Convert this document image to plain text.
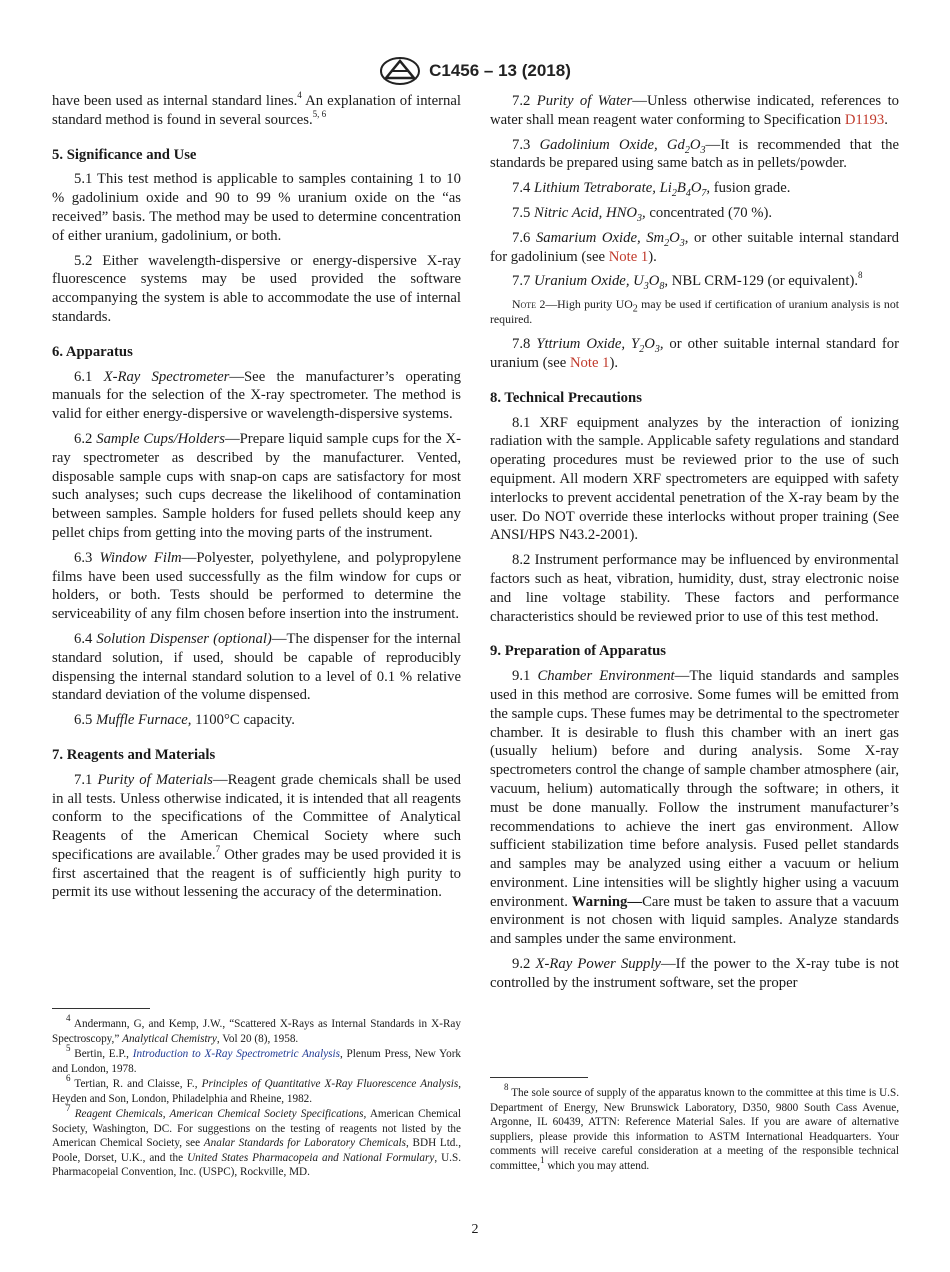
C1456 – 13 (2018)

have been used as internal standard lines.$^4$ An explanation of internal standard method is found in several sources.$^{5, 6}$

5. Significance and Use

5.1 This test method is applicable to samples containing 1 to 10 % gadolinium oxide and 90 to 99 % uranium oxide on the “as received” basis. The method may be used to determine concentration of either uranium, gadolinium, or both.

5.2 Either wavelength-dispersive or energy-dispersive X-ray fluorescence systems may be used provided the software accompanying the system is able to accommodate the use of internal standards.

6. Apparatus

6.1 X-Ray Spectrometer—See the manufacturer’s operating manuals for the selection of the X-ray spectrometer. The method is valid for either energy-dispersive or wavelength-dispersive systems.

6.2 Sample Cups/Holders—Prepare liquid sample cups for the X-ray spectrometer as described by the manufacturer. Vented, disposable sample cups with snap-on caps are satisfactory for most such analyses; such cups decrease the likelihood of contamination between samples. Sample holders for fused pellets should keep any pellet chips from getting into the moving parts of the instrument.

6.3 Window Film—Polyester, polyethylene, and polypropylene films have been used successfully as the film window for cups or holders, or both. Tests should be performed to determine the serviceability of any film chosen before insertion into the instrument.

6.4 Solution Dispenser (optional)—The dispenser for the internal standard solution, if used, should be capable of reproducibly dispensing the internal standard solution to a level of 0.1 % relative standard deviation of the volume dispensed.

6.5 Muffle Furnace, 1100°C capacity.

7. Reagents and Materials

7.1 Purity of Materials—Reagent grade chemicals shall be used in all tests. Unless otherwise indicated, it is intended that all reagents conform to the specifications of the Committee of Analytical Reagents of the American Chemical Society where such specifications are available.$^7$ Other grades may be used provided it is first ascertained that the reagent is of sufficiently high purity to permit its use without lessening the accuracy of the determination.

$^4$ Andermann, G, and Kemp, J.W., “Scattered X-Rays as Internal Standards in X-Ray Spectroscopy,” Analytical Chemistry, Vol 20 (8), 1958.

$^5$ Bertin, E.P., Introduction to X-Ray Spectrometric Analysis, Plenum Press, New York and London, 1978.

$^6$ Tertian, R. and Claisse, F., Principles of Quantitative X-Ray Fluorescence Analysis, Heyden and Son, London, Philadelphia and Rheine, 1982.

$^7$ Reagent Chemicals, American Chemical Society Specifications, American Chemical Society, Washington, DC. For suggestions on the testing of reagents not listed by the American Chemical Society, see Analar Standards for Laboratory Chemicals, BDH Ltd., Poole, Dorset, U.K., and the United States Pharmacopeia and National Formulary, U.S. Pharmacopeial Convention, Inc. (USPC), Rockville, MD.

7.2 Purity of Water—Unless otherwise indicated, references to water shall mean reagent water conforming to Specification D1193.

7.3 Gadolinium Oxide, $Gd_2O_3—It$ is recommended that the standards be prepared using same batch as in pellets/powder.

7.4 Lithium Tetraborate, $Li_2B_4O_7$, fusion grade.

7.5 Nitric Acid, $HNO_3$, concentrated (70 %).

7.6 Samarium Oxide, $Sm_2O_3$, or other suitable internal standard for gadolinium (see Note 1).

7.7 Uranium Oxide, $U_3O_8$, NBL CRM-129 (or equivalent).$^8$

Note 2—High purity $UO_2$ may be used if certification of uranium analysis is not required.

7.8 Yttrium Oxide, $Y_2O_3$, or other suitable internal standard for uranium (see Note 1).

8. Technical Precautions

8.1 XRF equipment analyzes by the interaction of ionizing radiation with the sample. Applicable safety regulations and standard operating procedures must be reviewed prior to the use of such equipment. All modern XRF spectrometers are equipped with safety interlocks to prevent accidental penetration of the X-ray beam by the user. Do NOT override these interlocks without proper training (See ANSI/HPS N43.2-2001).

8.2 Instrument performance may be influenced by environmental factors such as heat, vibration, humidity, dust, stray electronic noise and line voltage stability. These factors and performance characteristics should be reviewed prior to use of this test method.

9. Preparation of Apparatus

9.1 Chamber Environment—The liquid standards and samples used in this method are corrosive. Some fumes will be emitted from the sample cups. These fumes may be detrimental to the spectrometer chamber. It is desirable to flush this chamber with an inert gas (usually helium) before and during analysis. Some X-ray spectrometers control the change of sample chamber atmosphere (air, vacuum, helium) automatically through the software; in others, it must be done manually. Follow the instrument manufacturer’s recommendations to achieve the inert gas environment. Allow sufficient stabilization time before analysis. Fused pellet standards and samples may be analyzed using either a vacuum or helium environment. Line intensities will be slightly higher using a vacuum environment. Warning—Care must be taken to assure that a vacuum environment is not chosen with liquid samples. Analyze standards and samples under the same environment.

9.2 X-Ray Power Supply—If the power to the X-ray tube is not controlled by the instrument software, set the proper

$^8$ The sole source of supply of the apparatus known to the committee at this time is U.S. Department of Energy, New Brunswick Laboratory, D350, 9800 South Cass Avenue, Argonne, IL 60439, ATTN: Reference Material Sales. If you are aware of alternative suppliers, please provide this information to ASTM International Headquarters. Your comments will receive careful consideration at a meeting of the responsible technical committee,$^1$ which you may attend.

2
